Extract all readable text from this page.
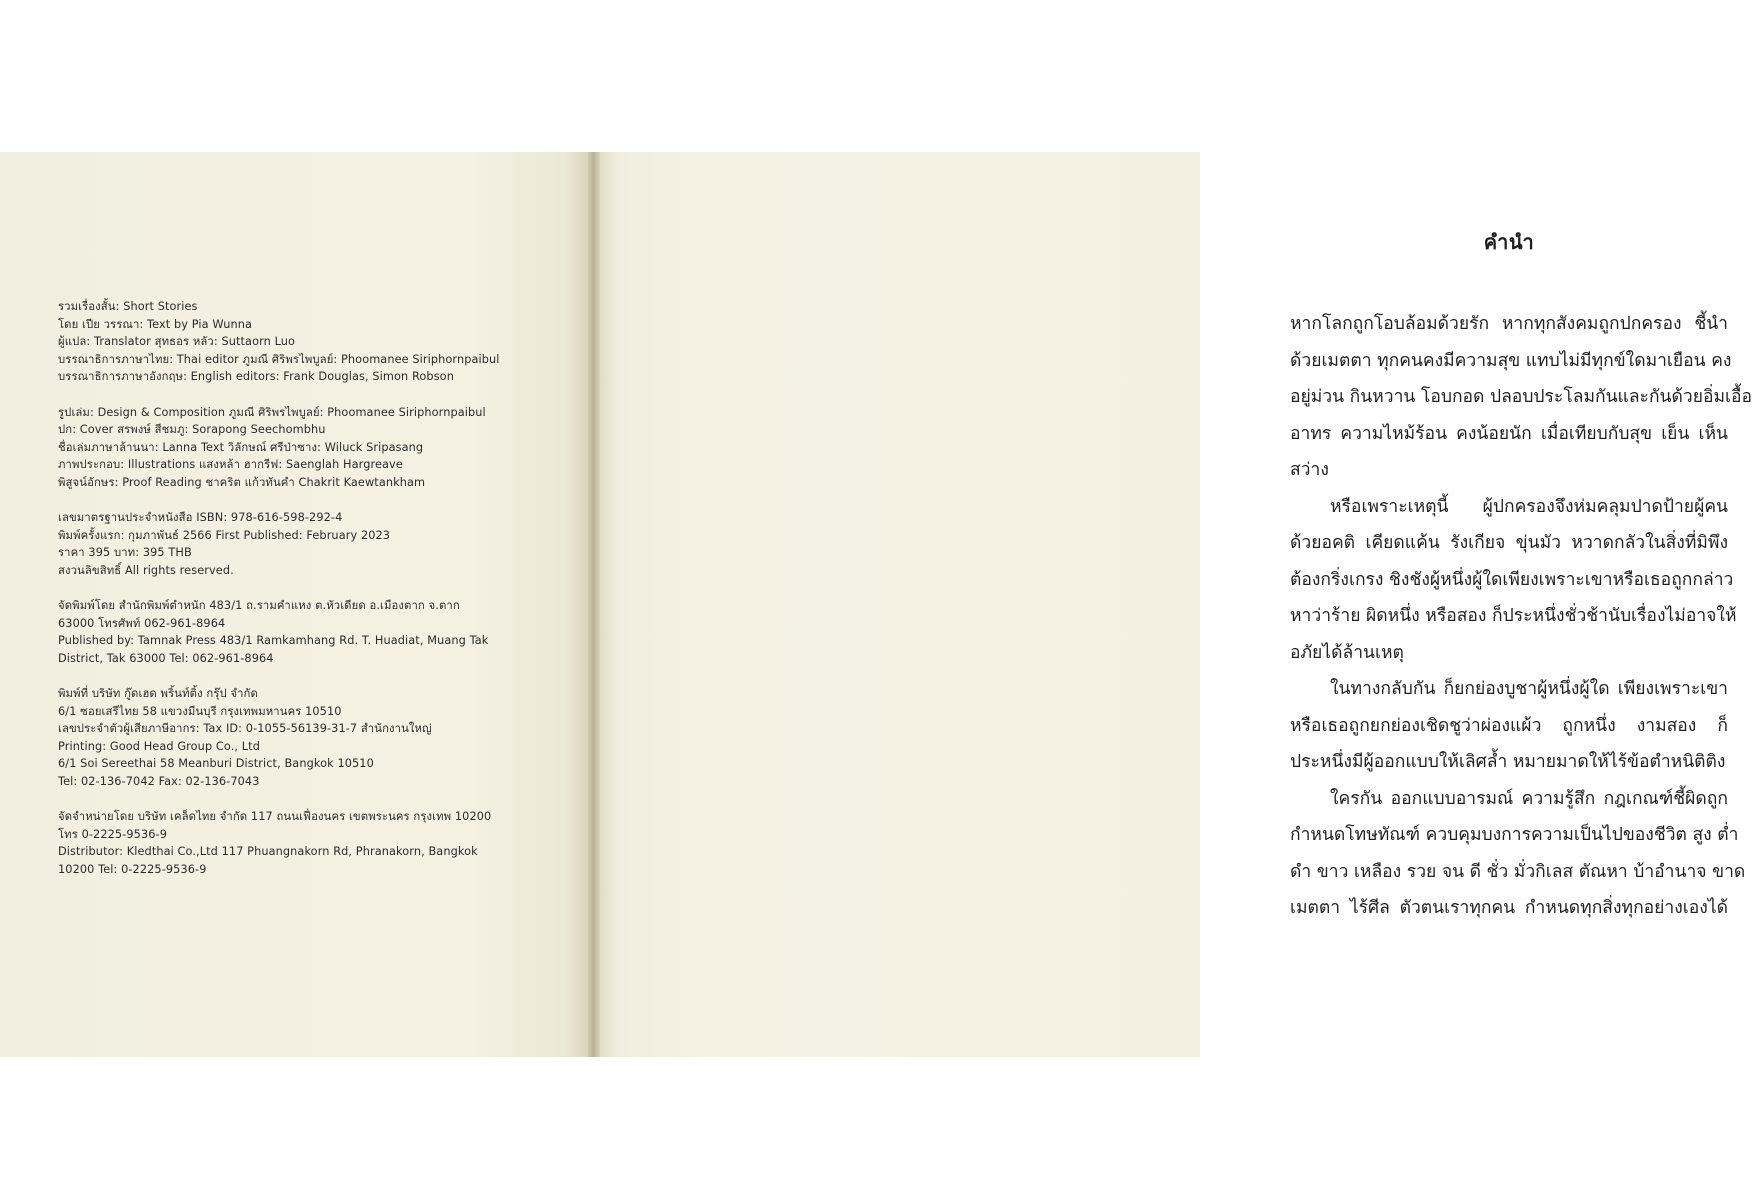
รวมเรื่องสั้น: Short Stories
โดย เปีย วรรณา: Text by Pia Wunna
ผู้แปล: Translator สุทธอร หลัว: Suttaorn Luo
บรรณาธิการภาษาไทย: Thai editor ภูมณี ศิริพรไพบูลย์: Phoomanee Siriphornpaibul
บรรณาธิการภาษาอังกฤษ: English editors: Frank Douglas, Simon Robson
รูปเล่ม: Design & Composition ภูมณี ศิริพรไพบูลย์: Phoomanee Siriphornpaibul
ปก: Cover สรพงษ์ สีชมภู: Sorapong Seechombhu
ชื่อเล่มภาษาล้านนา: Lanna Text วิลักษณ์ ศรีป่าซาง: Wiluck Sripasang
ภาพประกอบ: Illustrations แสงหล้า ฮากรีฟ: Saenglah Hargreave
พิสูจน์อักษร: Proof Reading ชาคริต แก้วทันคำ Chakrit Kaewtankham
เลขมาตรฐานประจำหนังสือ ISBN: 978-616-598-292-4
พิมพ์ครั้งแรก: กุมภาพันธ์ 2566 First Published: February 2023
ราคา 395 บาท: 395 THB
สงวนลิขสิทธิ์ All rights reserved.
จัดพิมพ์โดย สำนักพิมพ์ตำหนัก 483/1 ถ.รามคำแหง ต.หัวเดียด อ.เมืองตาก จ.ตาก
63000 โทรศัพท์ 062-961-8964
Published by: Tamnak Press 483/1 Ramkamhang Rd. T. Huadiat, Muang Tak
District, Tak 63000 Tel: 062-961-8964
พิมพ์ที่ บริษัท กู๊ดเฮด พริ้นท์ติ้ง กรุ๊ป จำกัด
6/1 ซอยเสรีไทย 58 แขวงมีนบุรี กรุงเทพมหานคร 10510
เลขประจำตัวผู้เสียภาษีอากร: Tax ID: 0-1055-56139-31-7 สำนักงานใหญ่
Printing: Good Head Group Co., Ltd
6/1 Soi Sereethai 58 Meanburi District, Bangkok 10510
Tel: 02-136-7042 Fax: 02-136-7043
จัดจำหน่ายโดย บริษัท เคล็ดไทย จำกัด 117 ถนนเฟื่องนคร เขตพระนคร กรุงเทพ 10200
โทร 0-2225-9536-9
Distributor: Kledthai Co.,Ltd 117 Phuangnakorn Rd, Phranakorn, Bangkok
10200 Tel: 0-2225-9536-9
คำนำ
หากโลกถูกโอบล้อมด้วยรัก หากทุกสังคมถูกปกครอง ชี้นำ
ด้วยเมตตา ทุกคนคงมีความสุข แทบไม่มีทุกข์ใดมาเยือน คง
อยู่ม่วน กินหวาน โอบกอด ปลอบประโลมกันและกันด้วยอิ่มเอื้อ
อาทร ความไหม้ร้อน คงน้อยนัก เมื่อเทียบกับสุข เย็น เห็น
สว่าง
หรือเพราะเหตุนี้ ผู้ปกครองจึงห่มคลุมปาดป้ายผู้คน
ด้วยอคติ เคียดแค้น รังเกียจ ขุ่นมัว หวาดกลัวในสิ่งที่มิพึง
ต้องกริ่งเกรง ชิงชังผู้หนึ่งผู้ใดเพียงเพราะเขาหรือเธอถูกกล่าว
หาว่าร้าย ผิดหนึ่ง หรือสอง ก็ประหนึ่งชั่วช้านับเรื่องไม่อาจให้
อภัยได้ล้านเหตุ
ในทางกลับกัน ก็ยกย่องบูชาผู้หนึ่งผู้ใด เพียงเพราะเขา
หรือเธอถูกยกย่องเชิดชูว่าผ่องแผ้ว ถูกหนึ่ง งามสอง ก็
ประหนึ่งมีผู้ออกแบบให้เลิศล้ำ หมายมาดให้ไร้ข้อตำหนิติติง
ใครกัน ออกแบบอารมณ์ ความรู้สึก กฎเกณฑ์ชี้ผิดถูก
กำหนดโทษทัณฑ์ ควบคุมบงการความเป็นไปของชีวิต สูง ต่ำ
ดำ ขาว เหลือง รวย จน ดี ชั่ว มั่วกิเลส ตัณหา บ้าอำนาจ ขาด
เมตตา ไร้ศีล ตัวตนเราทุกคน กำหนดทุกสิ่งทุกอย่างเองได้
